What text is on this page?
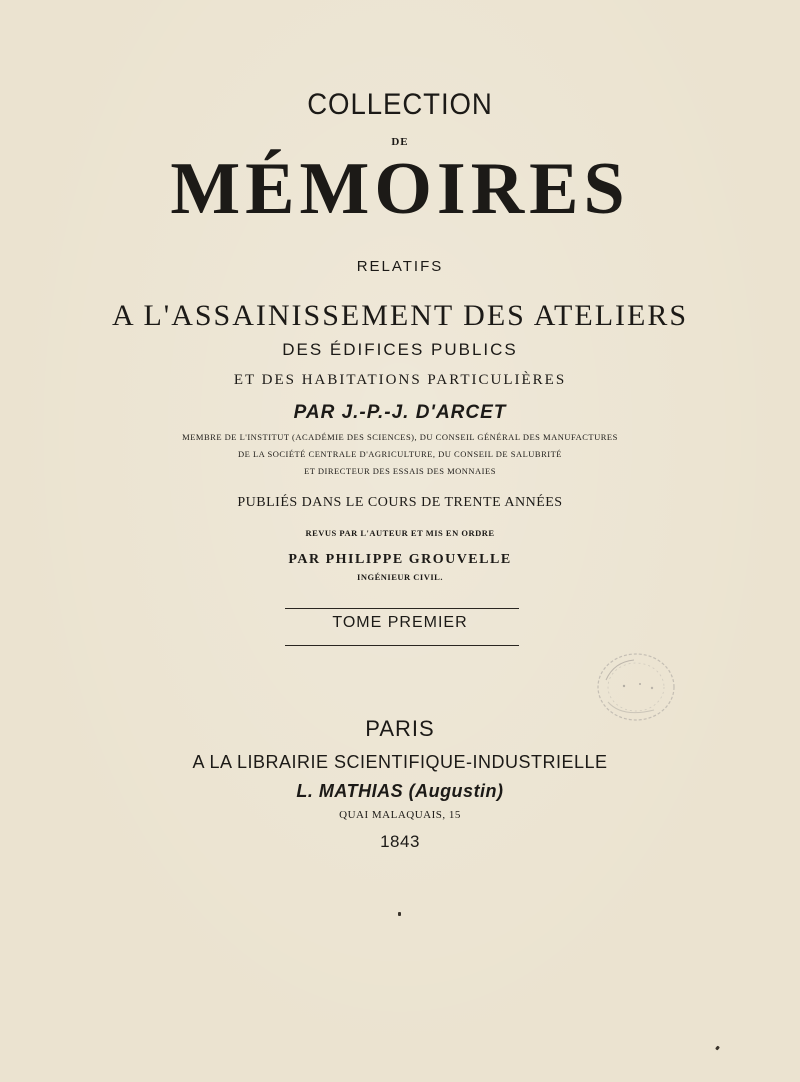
COLLECTION
DE
MÉMOIRES
RELATIFS
A L'ASSAINISSEMENT DES ATELIERS
DES ÉDIFICES PUBLICS
ET DES HABITATIONS PARTICULIÈRES
PAR J.-P.-J. D'ARCET
MEMBRE DE L'INSTITUT (ACADÉMIE DES SCIENCES), DU CONSEIL GÉNÉRAL DES MANUFACTURES
DE LA SOCIÉTÉ CENTRALE D'AGRICULTURE, DU CONSEIL DE SALUBRITÉ
ET DIRECTEUR DES ESSAIS DES MONNAIES
PUBLIÉS DANS LE COURS DE TRENTE ANNÉES
REVUS PAR L'AUTEUR ET MIS EN ORDRE
PAR PHILIPPE GROUVELLE
INGÉNIEUR CIVIL.
TOME PREMIER
PARIS
A LA LIBRAIRIE SCIENTIFIQUE-INDUSTRIELLE
L. MATHIAS (Augustin)
QUAI MALAQUAIS, 15
1843
